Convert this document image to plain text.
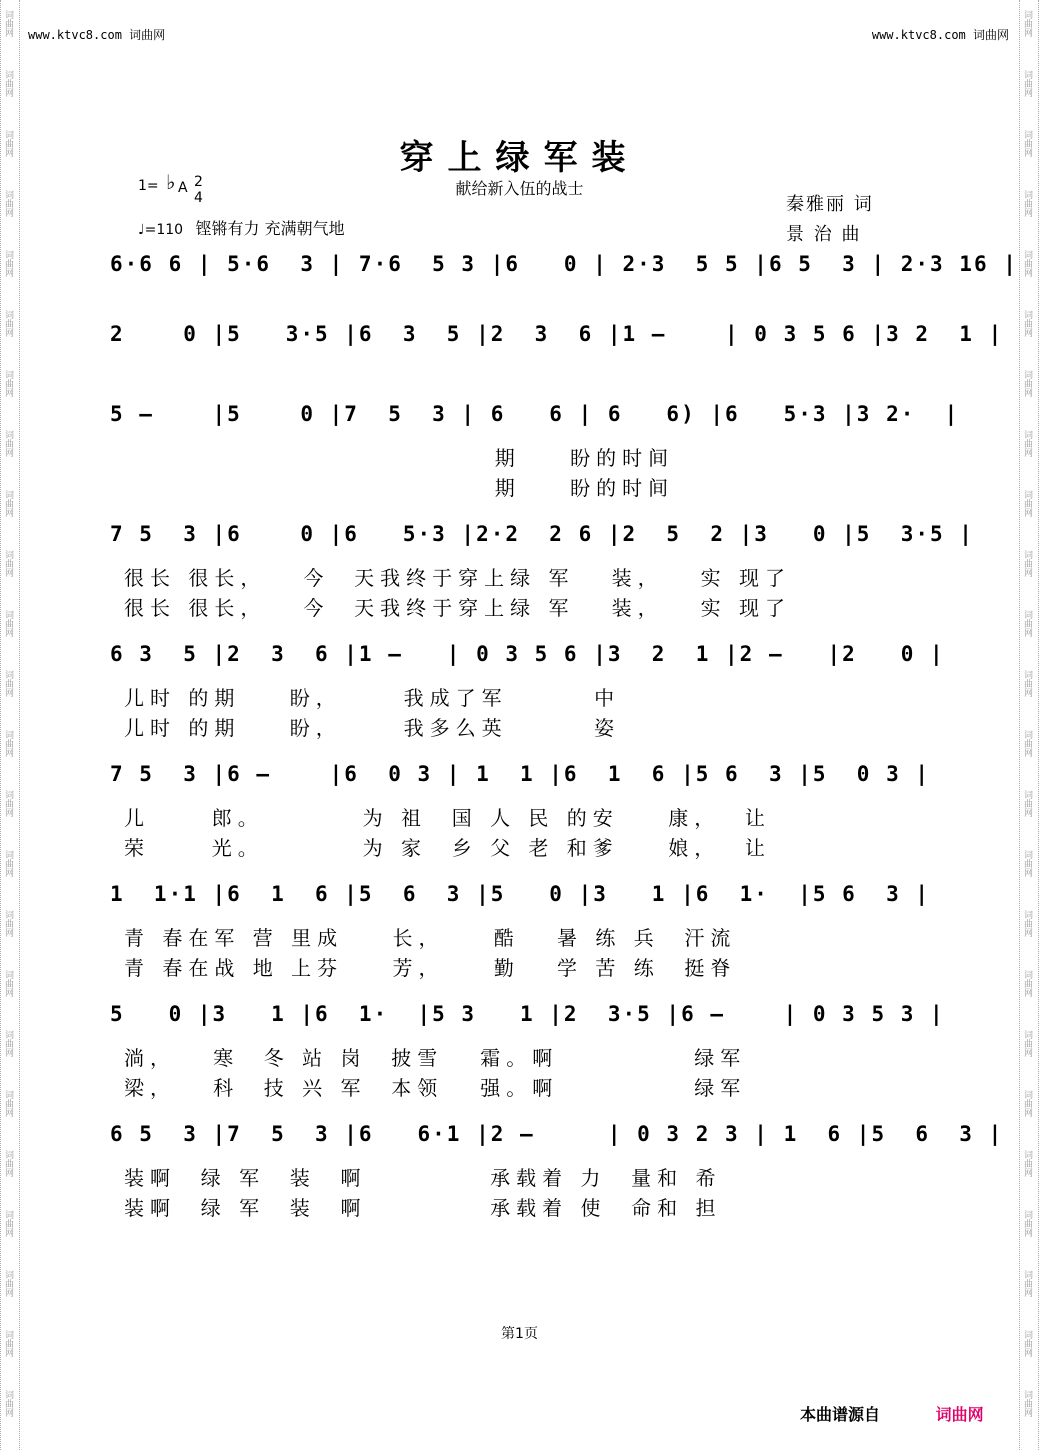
词曲网
词曲网
词曲网
词曲网
词曲网
词曲网
词曲网
词曲网
词曲网
词曲网
词曲网
词曲网
词曲网
词曲网
词曲网
词曲网
词曲网
词曲网
词曲网
词曲网
词曲网
词曲网
词曲网
词曲网
词曲网
词曲网
词曲网
词曲网
词曲网
词曲网
词曲网
词曲网
词曲网
词曲网
词曲网
词曲网
词曲网
词曲网
词曲网
词曲网
词曲网
词曲网
词曲网
词曲网
词曲网
词曲网
词曲网
词曲网
www.ktvc8.com 词曲网	www.ktvc8.com 词曲网
穿上绿军装
献给新入伍的战士
1= ♭ A 2
4
♩=110 铿锵有力 充满朝气地
秦雅丽 词
景 治 曲
6·6 6 | 5·6  3 | 7·6  5 3 |6   0 | 2·3  5 5 |6 5  3 | 2·3 16 |
2    0 |5   3·5 |6  3  5 |2  3  6 |1 –    | 0 3 5 6 |3 2  1 |
5 –    |5    0 |7  5  3 | 6   6 | 6   6) |6   5·3 |3 2·  |
期    盼的时间
期    盼的时间
7 5  3 |6    0 |6   5·3 |2·2  2 6 |2  5  2 |3   0 |5  3·5 |
很长 很长，   今  天我终于穿上绿 军   装，   实 现了
很长 很长，   今  天我终于穿上绿 军   装，   实 现了
6 3  5 |2  3  6 |1 –   | 0 3 5 6 |3  2  1 |2 –   |2   0 |
儿时 的期    盼，     我成了军       中
儿时 的期    盼，     我多么英       姿
7 5  3 |6 –    |6  0 3 | 1  1 |6  1  6 |5 6  3 |5  0 3 |
儿     郎。        为 祖  国 人 民 的安    康，  让
荣     光。        为 家  乡 父 老 和爹    娘，  让
1  1·1 |6  1  6 |5  6  3 |5   0 |3   1 |6  1·  |5 6  3 |
青 春在军 营 里成    长，    酷   暑 练 兵  汗流
青 春在战 地 上芬    芳，    勤   学 苦 练  挺脊
5   0 |3   1 |6  1·  |5 3   1 |2  3·5 |6 –    | 0 3 5 3 |
淌，   寒  冬 站 岗  披雪   霜。啊           绿军
梁，   科  技 兴 军  本领   强。啊           绿军
6 5  3 |7  5  3 |6   6·1 |2 –     | 0 3 2 3 | 1  6 |5  6  3 |
装啊  绿 军  装  啊          承载着 力  量和 希
装啊  绿 军  装  啊          承载着 使  命和 担
第1页
本曲谱源自	词曲网
